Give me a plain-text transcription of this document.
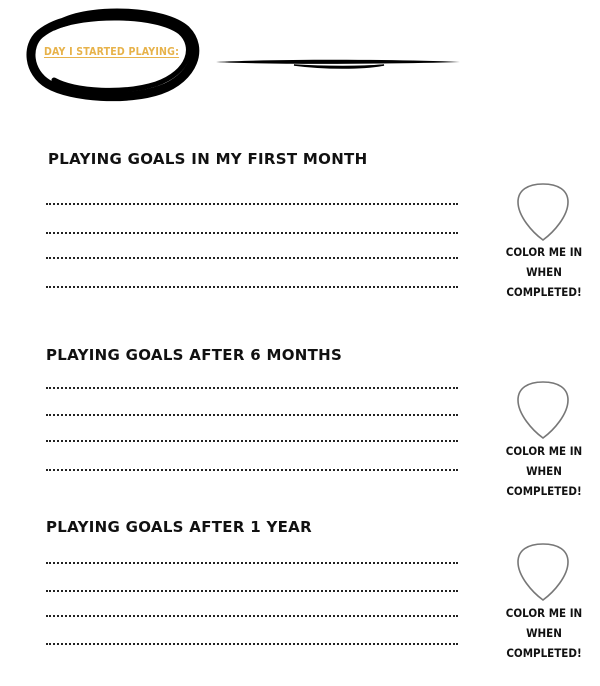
DAY I STARTED PLAYING:
PLAYING GOALS IN MY FIRST MONTH
COLOR ME IN
WHEN
COMPLETED!
PLAYING GOALS AFTER 6 MONTHS
COLOR ME IN
WHEN
COMPLETED!
PLAYING GOALS AFTER 1 YEAR
COLOR ME IN
WHEN
COMPLETED!
